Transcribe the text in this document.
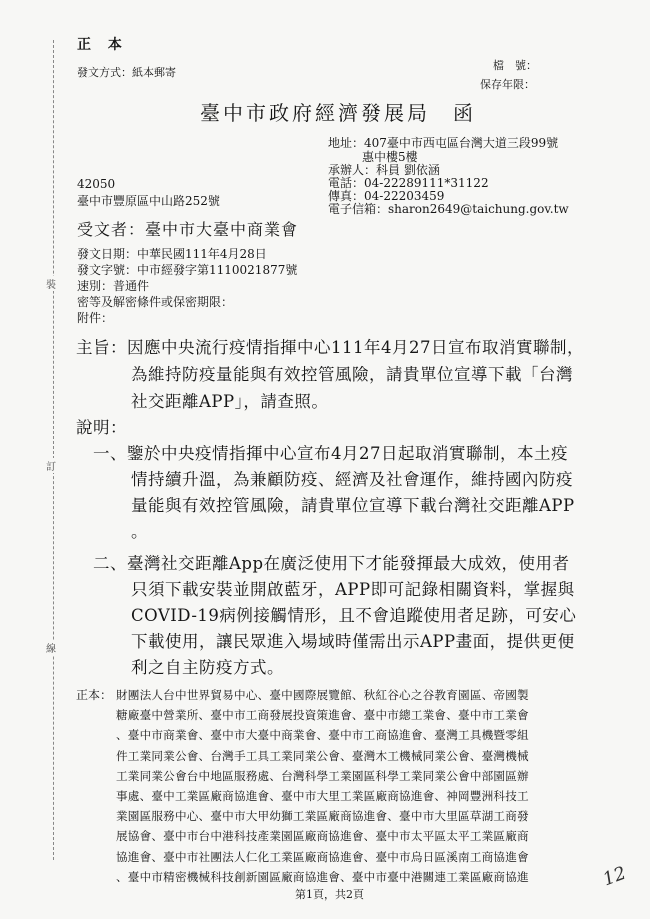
正 本
發文方式：紙本郵寄
檔　號：
保存年限：
臺中市政府經濟發展局　函
地址：407臺中市西屯區台灣大道三段99號
惠中樓5樓
承辦人：科員 劉依涵
電話：04-22289111*31122
傳真：04-22203459
電子信箱：sharon2649@taichung.gov.tw
42050
臺中市豐原區中山路252號
受文者：臺中市大臺中商業會
發文日期：中華民國111年4月28日
發文字號：中市經發字第1110021877號
速別：普通件
密等及解密條件或保密期限：
附件：
主旨：因應中央流行疫情指揮中心111年4月27日宣布取消實聯制，
為維持防疫量能與有效控管風險，請貴單位宣導下載「台灣
社交距離APP」，請查照。
說明：
一、鑒於中央疫情指揮中心宣布4月27日起取消實聯制，本土疫
情持續升溫，為兼顧防疫、經濟及社會運作，維持國內防疫
量能與有效控管風險，請貴單位宣導下載台灣社交距離APP
。
二、臺灣社交距離App在廣泛使用下才能發揮最大成效，使用者
只須下載安裝並開啟藍牙，APP即可記錄相關資料，掌握與
COVID-19病例接觸情形，且不會追蹤使用者足跡，可安心
下載使用，讓民眾進入場域時僅需出示APP畫面，提供更便
利之自主防疫方式。
正本： 財團法人台中世界貿易中心、臺中國際展覽館、秋紅谷心之谷教育園區、帝國製
糖廠臺中營業所、臺中市工商發展投資策進會、臺中市總工業會、臺中市工業會
、臺中市商業會、臺中市大臺中商業會、臺中市工商協進會、臺灣工具機暨零組
件工業同業公會、台灣手工具工業同業公會、臺灣木工機械同業公會、臺灣機械
工業同業公會台中地區服務處、台灣科學工業園區科學工業同業公會中部園區辦
事處、臺中工業區廠商協進會、臺中市大里工業區廠商協進會、神岡豐洲科技工
業園區服務中心、臺中市大甲幼獅工業區廠商協進會、臺中市大里區草湖工商發
展協會、臺中市台中港科技產業園區廠商協進會、臺中市太平區太平工業區廠商
協進會、臺中市社團法人仁化工業區廠商協進會、臺中市烏日區溪南工商協進會
、臺中市精密機械科技創新園區廠商協進會、臺中市臺中港關連工業區廠商協進
第1頁，共2頁
裝
訂
線
12
